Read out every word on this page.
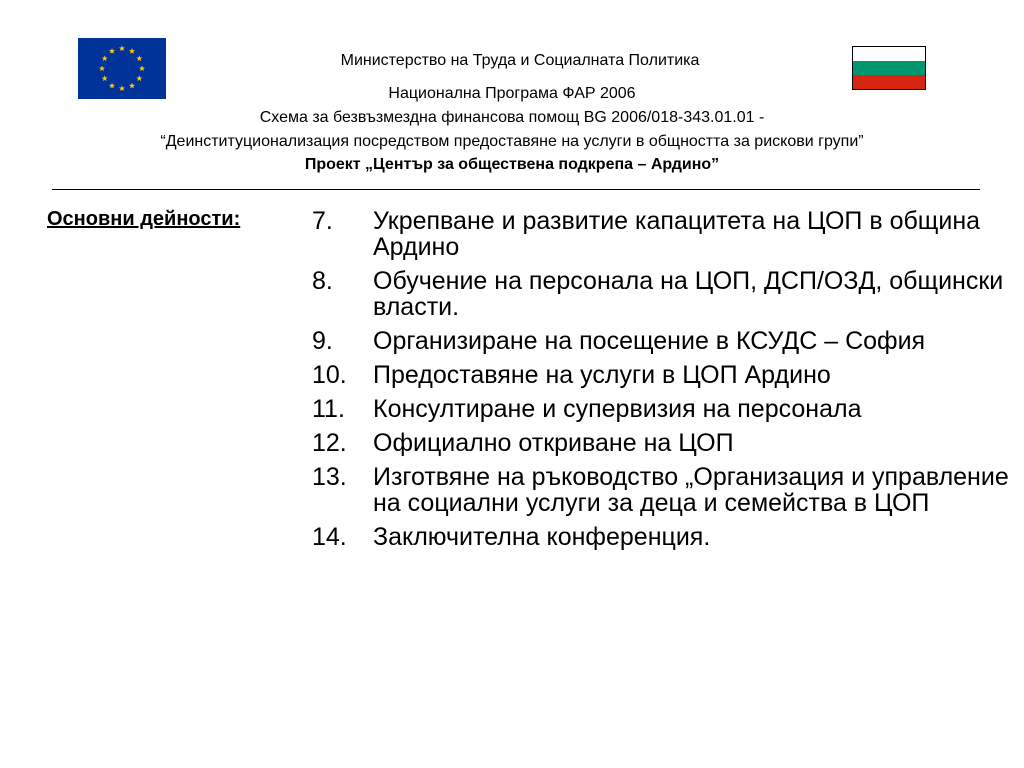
Министерство на Труда и Социалната Политика
Национална Програма ФАР 2006
Схема за безвъзмездна финансова помощ BG 2006/018-343.01.01 -
“Деинституционализация посредством предоставяне на услуги в общността за рискови групи”
Проект „Център за обществена подкрепа – Ардино”
Основни дейности:	7.	Укрепване и развитие капацитета на ЦОП в община Ардино
8.	Обучение на персонала на ЦОП, ДСП/ОЗД, общински власти.
9.	Организиране на посещение в КСУДС – София
10.	Предоставяне на услуги в ЦОП Ардино
11.	Консултиране и супервизия на персонала
12.	Официално откриване на ЦОП
13.	Изготвяне на ръководство „Организация и управление на социални услуги за деца и семейства в ЦОП
14.	Заключителна конференция.
